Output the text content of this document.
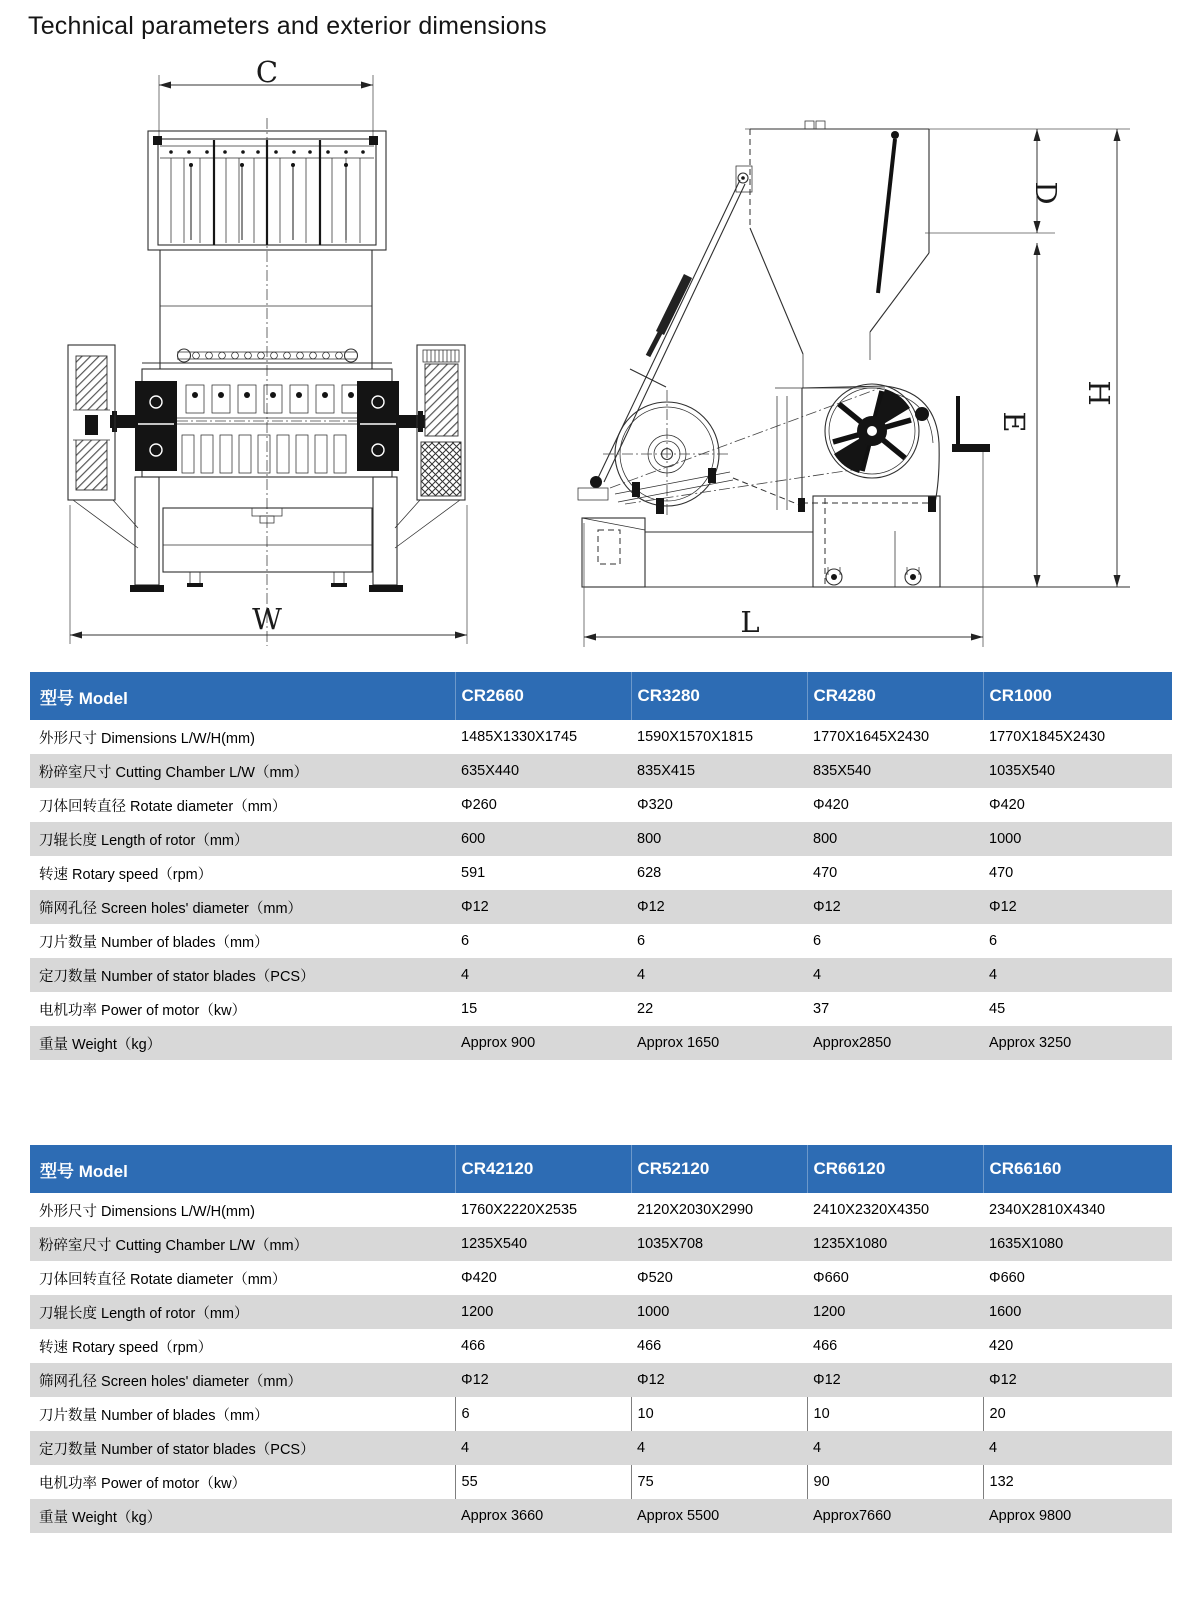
Technical parameters and exterior dimensions
C
W
D
E
H
L
型号 Model	CR2660	CR3280	CR4280	CR1000
外形尺寸 Dimensions L/W/H(mm)	1485X1330X1745	1590X1570X1815	1770X1645X2430	1770X1845X2430
粉碎室尺寸 Cutting Chamber L/W（mm）	635X440	835X415	835X540	1035X540
刀体回转直径 Rotate diameter（mm）	Φ260	Φ320	Φ420	Φ420
刀辊长度 Length of rotor（mm）	600	800	800	1000
转速 Rotary speed（rpm）	591	628	470	470
筛网孔径 Screen holes' diameter（mm）	Φ12	Φ12	Φ12	Φ12
刀片数量 Number of blades（mm）	6	6	6	6
定刀数量 Number of stator blades（PCS）	4	4	4	4
电机功率 Power of motor（kw）	15	22	37	45
重量 Weight（kg）	Approx 900	Approx 1650	Approx2850	Approx 3250
型号 Model	CR42120	CR52120	CR66120	CR66160
外形尺寸 Dimensions L/W/H(mm)	1760X2220X2535	2120X2030X2990	2410X2320X4350	2340X2810X4340
粉碎室尺寸 Cutting Chamber L/W（mm）	1235X540	1035X708	1235X1080	1635X1080
刀体回转直径 Rotate diameter（mm）	Φ420	Φ520	Φ660	Φ660
刀辊长度 Length of rotor（mm）	1200	1000	1200	1600
转速 Rotary speed（rpm）	466	466	466	420
筛网孔径 Screen holes' diameter（mm）	Φ12	Φ12	Φ12	Φ12
刀片数量 Number of blades（mm）	6	10	10	20
定刀数量 Number of stator blades（PCS）	4	4	4	4
电机功率 Power of motor（kw）	55	75	90	132
重量 Weight（kg）	Approx 3660	Approx 5500	Approx7660	Approx 9800
